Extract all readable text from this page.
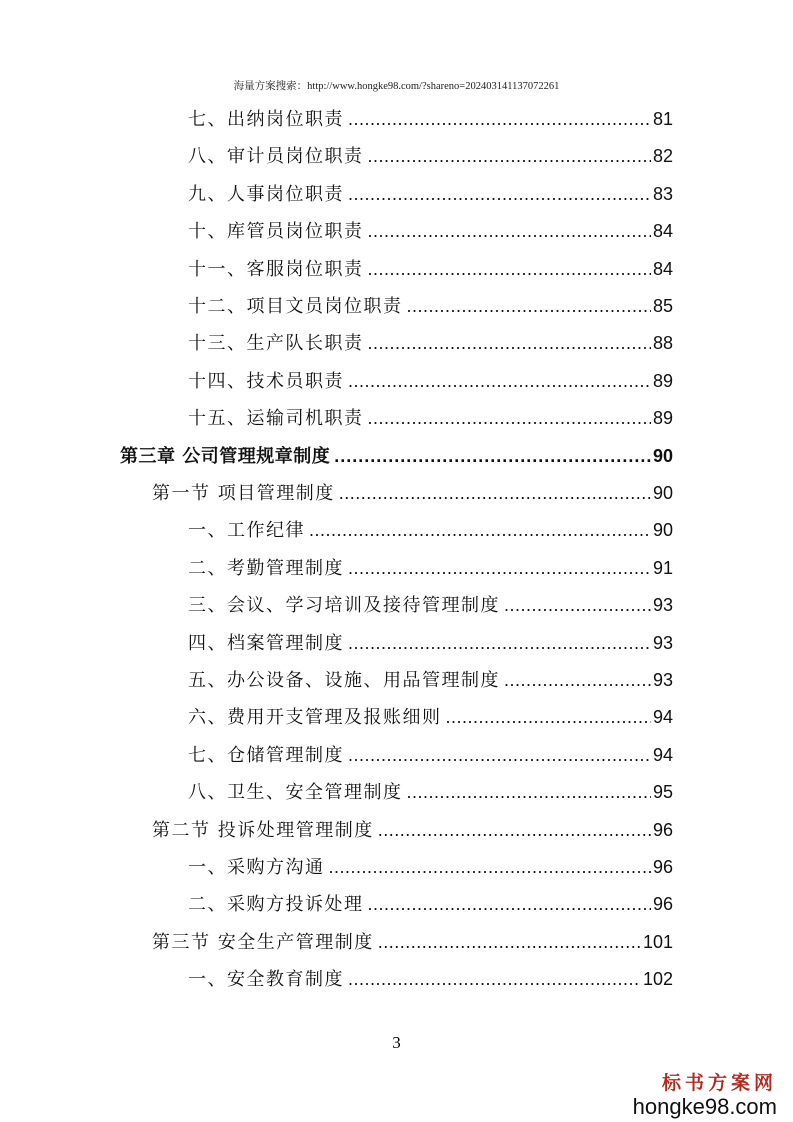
海量方案搜索：http://www.hongke98.com/?shareno=20240314113707226​1
七、出纳岗位职责 .....	81
八、审计员岗位职责 .....	82
九、人事岗位职责 .....	83
十、库管员岗位职责 .....	84
十一、客服岗位职责 .....	84
十二、项目文员岗位职责 .....	85
十三、生产队长职责 .....	88
十四、技术员职责 .....	89
十五、运输司机职责 .....	89
第三章 公司管理规章制度 .....	90
第一节 项目管理制度 .....	90
一、工作纪律 .....	90
二、考勤管理制度 .....	91
三、会议、学习培训及接待管理制度 .....	93
四、档案管理制度 .....	93
五、办公设备、设施、用品管理制度 .....	93
六、费用开支管理及报账细则 .....	94
七、仓储管理制度 .....	94
八、卫生、安全管理制度 .....	95
第二节 投诉处理管理制度 .....	96
一、采购方沟通 .....	96
二、采购方投诉处理 .....	96
第三节 安全生产管理制度 .....	101
一、安全教育制度 .....	102
3
标书方案网
hongke98.com
